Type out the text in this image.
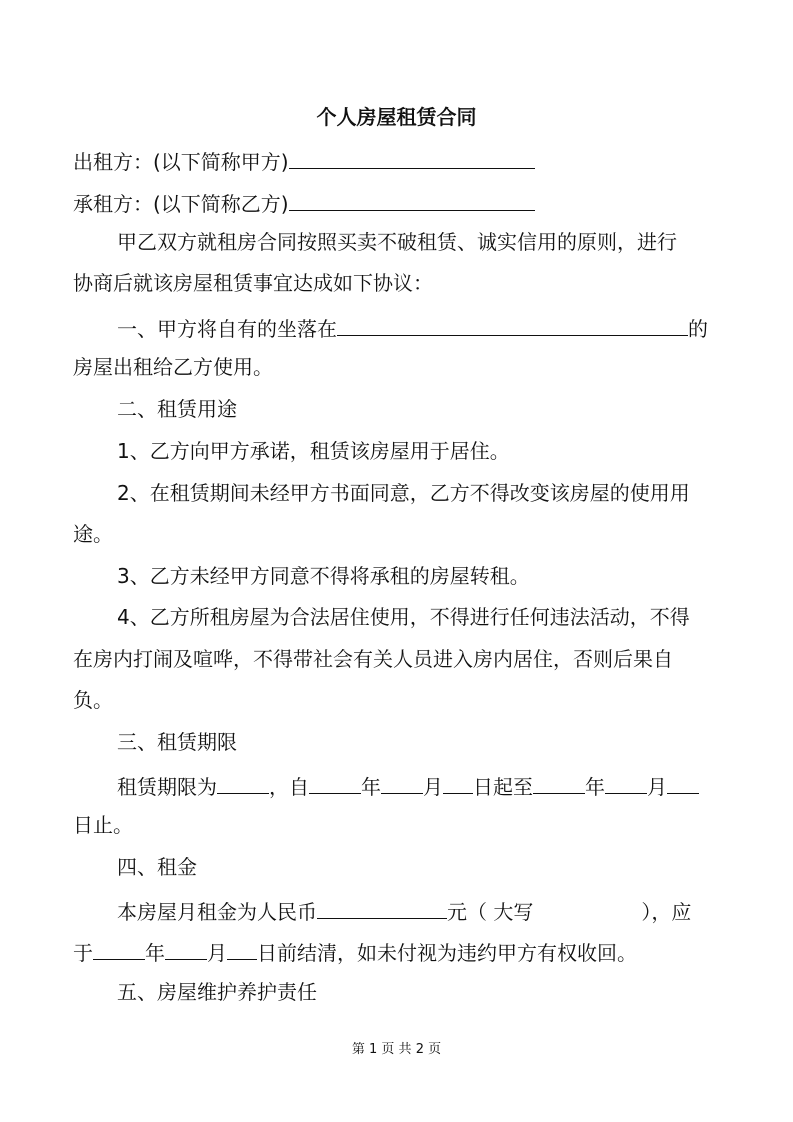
个人房屋租赁合同
出租方：(以下简称甲方)
承租方：(以下简称乙方)
甲乙双方就租房合同按照买卖不破租赁、诚实信用的原则，进行
协商后就该房屋租赁事宜达成如下协议：
一、甲方将自有的坐落在	的
房屋出租给乙方使用。
二、租赁用途
1、乙方向甲方承诺，租赁该房屋用于居住。
2、在租赁期间未经甲方书面同意，乙方不得改变该房屋的使用用
途。
3、乙方未经甲方同意不得将承租的房屋转租。
4、乙方所租房屋为合法居住使用，不得进行任何违法活动，不得
在房内打闹及喧哗，不得带社会有关人员进入房内居住，否则后果自
负。
三、租赁期限
租赁期限为	，自	年 月 日起至	年 月
日止。
四、租金
本房屋月租金为人民币	元（ 大写	），应
于	年 月 日前结清，如未付视为违约甲方有权收回。
五、房屋维护养护责任
第 1 页 共 2 页
